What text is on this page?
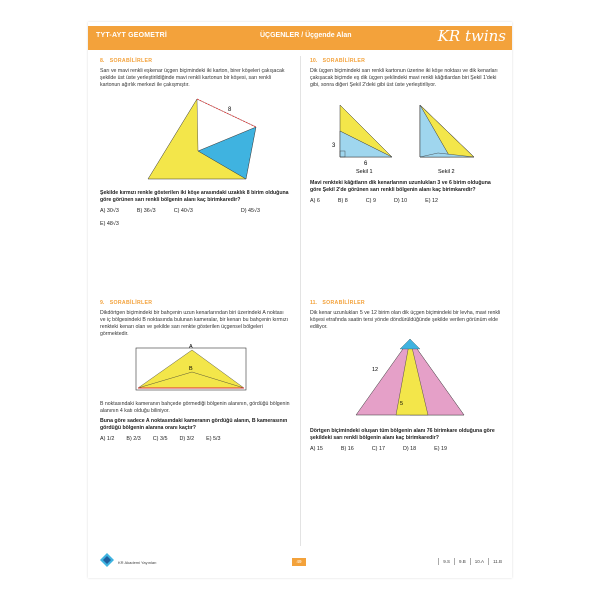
TYT-AYT GEOMETRİ	ÜÇGENLER / Üçgende Alan	KR twins
8. SORABİLİRLER
Sarı ve mavi renkli eşkenar üçgen biçimindeki iki karton, birer köşeleri çakışacak şekilde üst üste yerleştirildiğinde mavi renkli kartonun bir köşesi, sarı renkli kartonun ağırlık merkezi ile çakışmıştır.
8
Şekilde kırmızı renkle gösterilen iki köşe arasındaki uzaklık 8 birim olduğuna göre görünen sarı renkli bölgenin alanı kaç birimkaredir?
A) 30√3	B) 36√3	C) 40√3	D) 45√3
E) 48√3
10. SORABİLİRLER
Dik üçgen biçimindeki sarı renkli kartonun üzerine iki köşe noktası ve dik kenarları çakışacak biçimde eş dik üçgen şeklindeki mavi renkli kâğıtlardan biri Şekil 1'deki gibi, sonra diğeri Şekil 2'deki gibi üst üste yerleştiriliyor.
3
6
Şekil 1	Şekil 2
Mavi renkteki kâğıtların dik kenarlarının uzunlukları 3 ve 6 birim olduğuna göre Şekil 2'de görünen sarı renkli bölgenin alanı kaç birimkaredir?
A) 6	B) 8	C) 9	D) 10	E) 12
9. SORABİLİRLER
Dikdörtgen biçimindeki bir bahçenin uzun kenarlarından biri üzerindeki A noktası ve iç bölgesindeki B noktasında bulunan kameralar, bir kenarı bu bahçenin kırmızı renkteki kenarı olan ve şekilde sarı renkte gösterilen üçgensel bölgeleri görmektedir.
A
B
B noktasındaki kameranın bahçede görmediği bölgenin alanının, gördüğü bölgenin alanının 4 katı olduğu biliniyor.
Buna göre sadece A noktasındaki kameranın gördüğü alanın, B kamerasının gördüğü bölgenin alanına oranı kaçtır?
A) 1/2 B) 2/3 C) 3/5 D) 3/2 E) 5/3
11. SORABİLİRLER
Dik kenar uzunlukları 5 ve 12 birim olan dik üçgen biçimindeki bir levha, mavi renkli köşesi etrafında saatin tersi yönde döndürüldüğünde şekilde verilen görünüm elde ediliyor.
12
5
Dörtgen biçimindeki oluşan tüm bölgenin alanı 76 birimkare olduğuna göre şekildeki sarı renkli bölgenin alanı kaç birimkaredir?
A) 15	B) 16	C) 17	D) 18	E) 19
KR Akademi Yayınları	49	9.S	9.B	10.A	11.B
